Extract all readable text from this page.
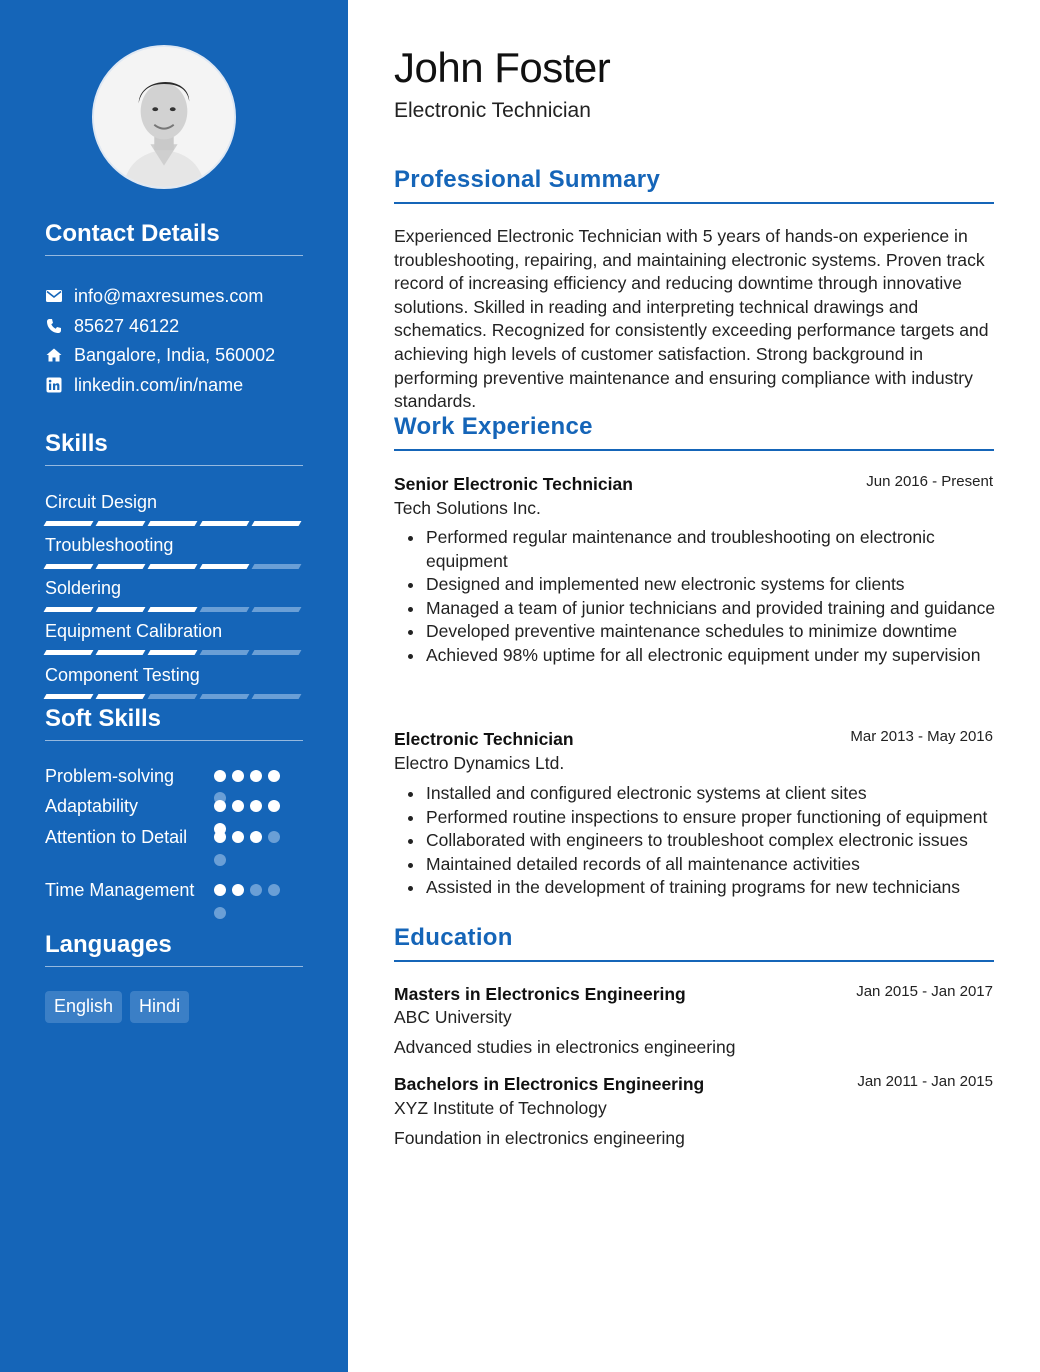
Contact Details
info@maxresumes.com
85627 46122
Bangalore, India, 560002
linkedin.com/in/name
Skills
Circuit Design
Troubleshooting
Soldering
Equipment Calibration
Component Testing
Soft Skills
Problem-solving
Adaptability
Attention to Detail
Time Management
Languages
English	Hindi
John Foster
Electronic Technician
Professional Summary

Experienced Electronic Technician with 5 years of hands-on experience in troubleshooting, repairing, and maintaining electronic systems. Proven track record of increasing efficiency and reducing downtime through innovative solutions. Skilled in reading and interpreting technical drawings and schematics. Recognized for consistently exceeding performance targets and achieving high levels of customer satisfaction. Strong background in performing preventive maintenance and ensuring compliance with industry standards.

Work Experience
Senior Electronic Technician	Jun 2016 - Present
Tech Solutions Inc.
Performed regular maintenance and troubleshooting on electronic equipment
Designed and implemented new electronic systems for clients
Managed a team of junior technicians and provided training and guidance
Developed preventive maintenance schedules to minimize downtime
Achieved 98% uptime for all electronic equipment under my supervision
Electronic Technician	Mar 2013 - May 2016
Electro Dynamics Ltd.
Installed and configured electronic systems at client sites
Performed routine inspections to ensure proper functioning of equipment
Collaborated with engineers to troubleshoot complex electronic issues
Maintained detailed records of all maintenance activities
Assisted in the development of training programs for new technicians
Education
Masters in Electronics Engineering	Jan 2015 - Jan 2017
ABC University
Advanced studies in electronics engineering
Bachelors in Electronics Engineering	Jan 2011 - Jan 2015
XYZ Institute of Technology
Foundation in electronics engineering
